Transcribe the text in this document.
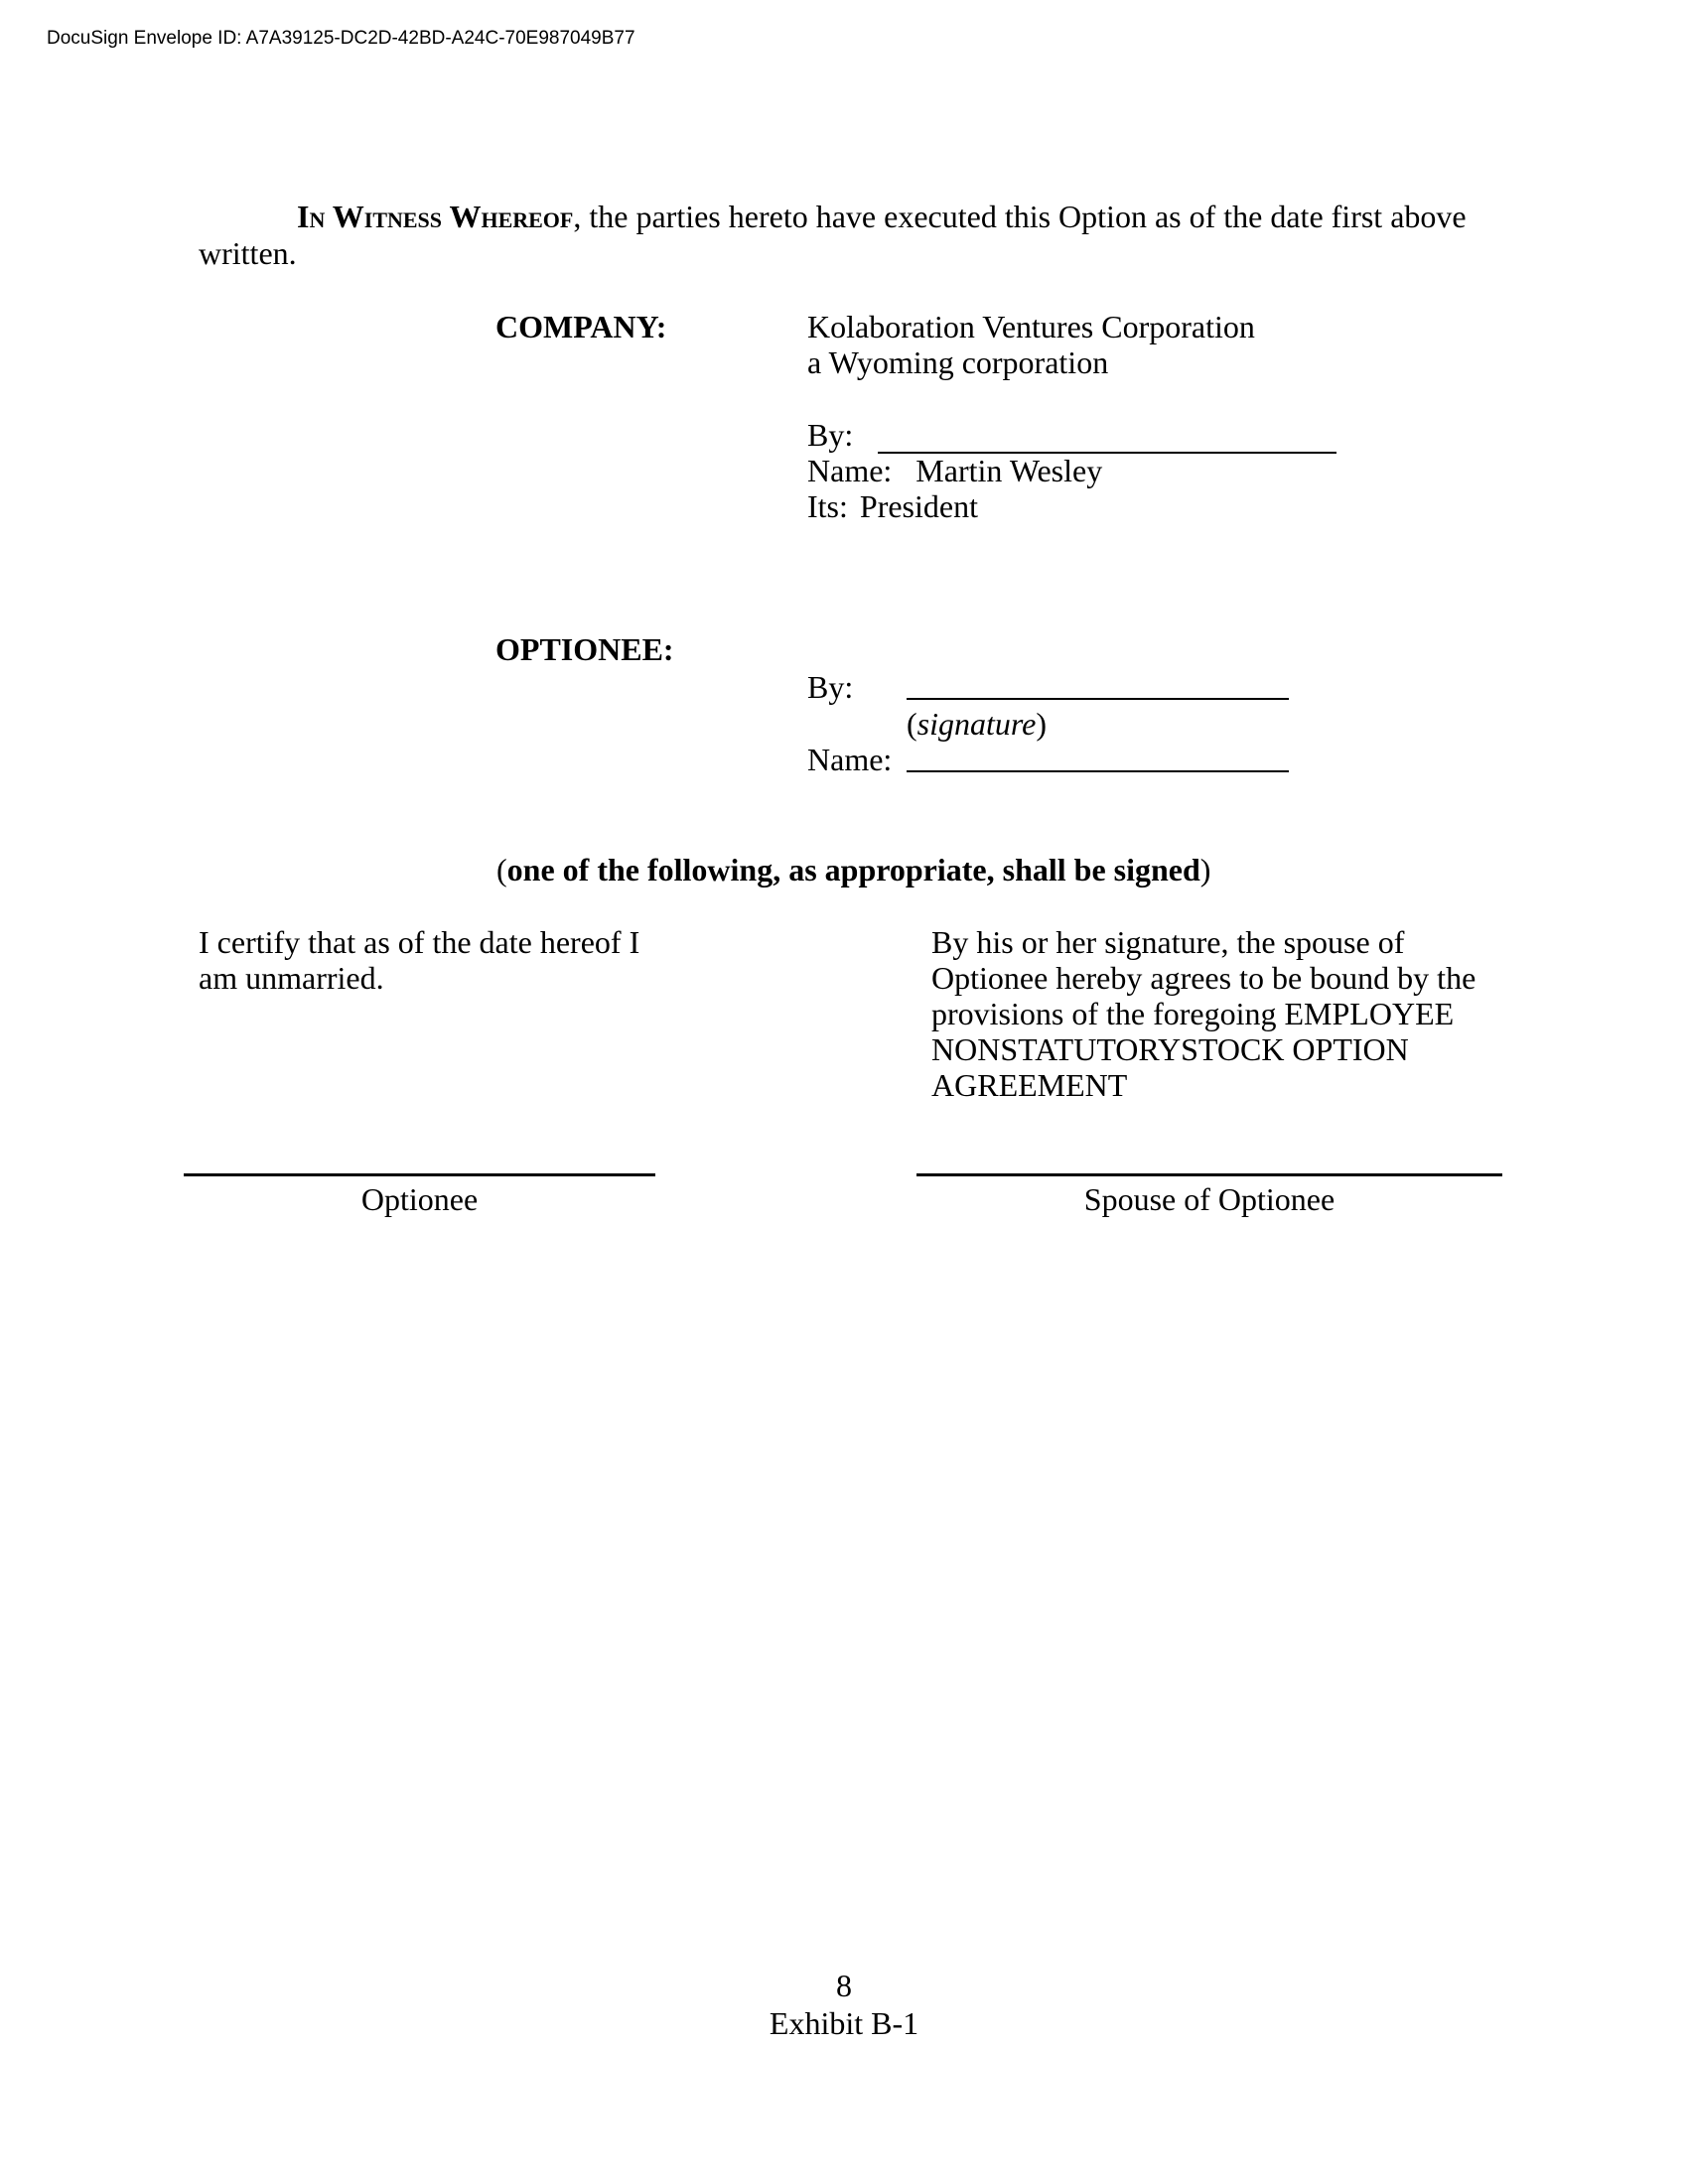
DocuSign Envelope ID: A7A39125-DC2D-42BD-A24C-70E987049B77
In Witness Whereof, the parties hereto have executed this Option as of the date first above
written.
COMPANY:	Kolaboration Ventures Corporation
a Wyoming corporation
By:
Name: Martin Wesley
Its: President
OPTIONEE:
By:
(signature)
Name:
(one of the following, as appropriate, shall be signed)
I certify that as of the date hereof I
am unmarried.
By his or her signature, the spouse of
Optionee hereby agrees to be bound by the
provisions of the foregoing EMPLOYEE
NONSTATUTORYSTOCK OPTION
AGREEMENT
Optionee	Spouse of Optionee
8
Exhibit B-1
